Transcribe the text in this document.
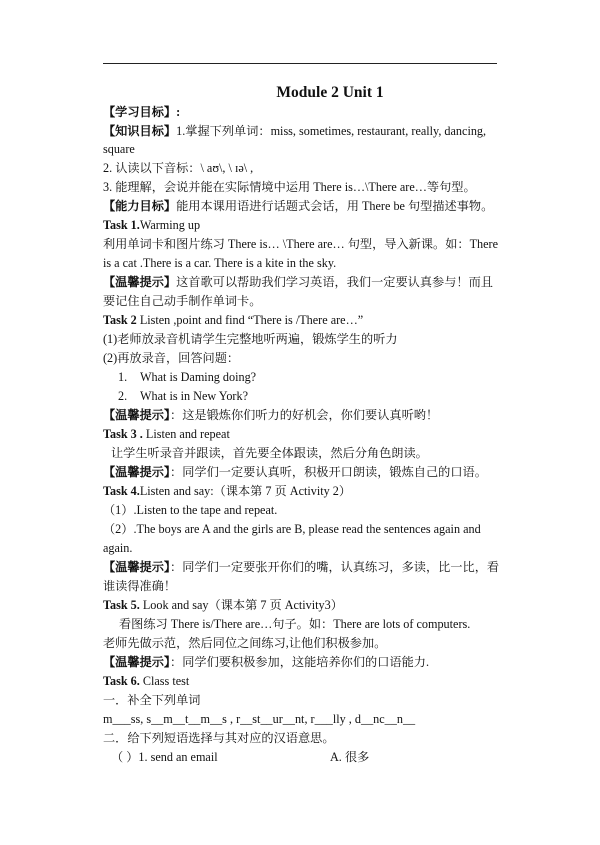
Module 2 Unit 1
【学习目标】:
【知识目标】1.掌握下列单词：miss, sometimes, restaurant, really, dancing,
square
2. 认读以下音标：\ aʊ\, \ ɪə\ ,
3. 能理解，会说并能在实际情境中运用 There is…\There are…等句型。
【能力目标】能用本课用语进行话题式会话，用 There be 句型描述事物。
Task 1.Warming up
利用单词卡和图片练习 There is… \There are… 句型，导入新课。如：There
is a cat .There is a car. There is a kite in the sky.
【温馨提示】这首歌可以帮助我们学习英语，我们一定要认真参与！而且
要记住自己动手制作单词卡。
Task 2 Listen ,point and find “There is /There are…”
(1)老师放录音机请学生完整地听两遍，锻炼学生的听力
(2)再放录音，回答问题：
1. What is Daming doing?
2. What is in New York?
【温馨提示】：这是锻炼你们听力的好机会，你们要认真听哟！
Task 3 . Listen and repeat
让学生听录音并跟读，首先要全体跟读，然后分角色朗读。
【温馨提示】：同学们一定要认真听，积极开口朗读，锻炼自己的口语。
Task 4.Listen and say:（课本第 7 页 Activity 2）
（1）.Listen to the tape and repeat.
（2）.The boys are A and the girls are B, please read the sentences again and
again.
【温馨提示】：同学们一定要张开你们的嘴，认真练习，多读，比一比，看
谁读得准确！
Task 5. Look and say（课本第 7 页 Activity3）
看图练习 There is/There are…句子。如：There are lots of computers.
老师先做示范，然后同位之间练习,让他们积极参加。
【温馨提示】：同学们要积极参加，这能培养你们的口语能力.
Task 6. Class test
一．补全下列单词
m___ss, s__m__t__m__s , r__st__ur__nt, r___lly , d__nc__n__
二．给下列短语选择与其对应的汉语意思。
（ ）1. send an email	A. 很多
